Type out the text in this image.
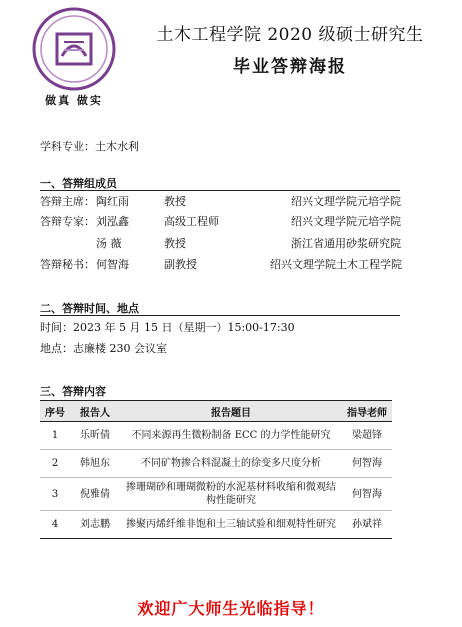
做真 做实
土木工程学院 2020 级硕士研究生
毕业答辩海报
学科专业：土木水利
一、答辩组成员
答辩主席： 陶红雨	教授	绍兴文理学院元培学院
答辩专家： 刘泓鑫	高级工程师	绍兴文理学院元培学院
汤 薇	教授	浙江省通用砂浆研究院
答辩秘书： 何智海	副教授	绍兴文理学院土木工程学院
二、答辩时间、地点
时间：2023 年 5 月 15 日（星期一）15:00-17:30
地点：志廉楼 230 会议室
三、答辩内容
序号	报告人	报告题目	指导老师
1	乐昕倩	不同来源再生微粉制备 ECC 的力学性能研究	梁超锋
2	韩旭东	不同矿物掺合料混凝土的徐变多尺度分析	何智海
3	倪雅倩	掺珊瑚砂和珊瑚微粉的水泥基材料收缩和微观结构性能研究	何智海
4	刘志鹏	掺聚丙烯纤维非饱和土三轴试验和细观特性研究	孙斌祥
欢迎广大师生光临指导！
